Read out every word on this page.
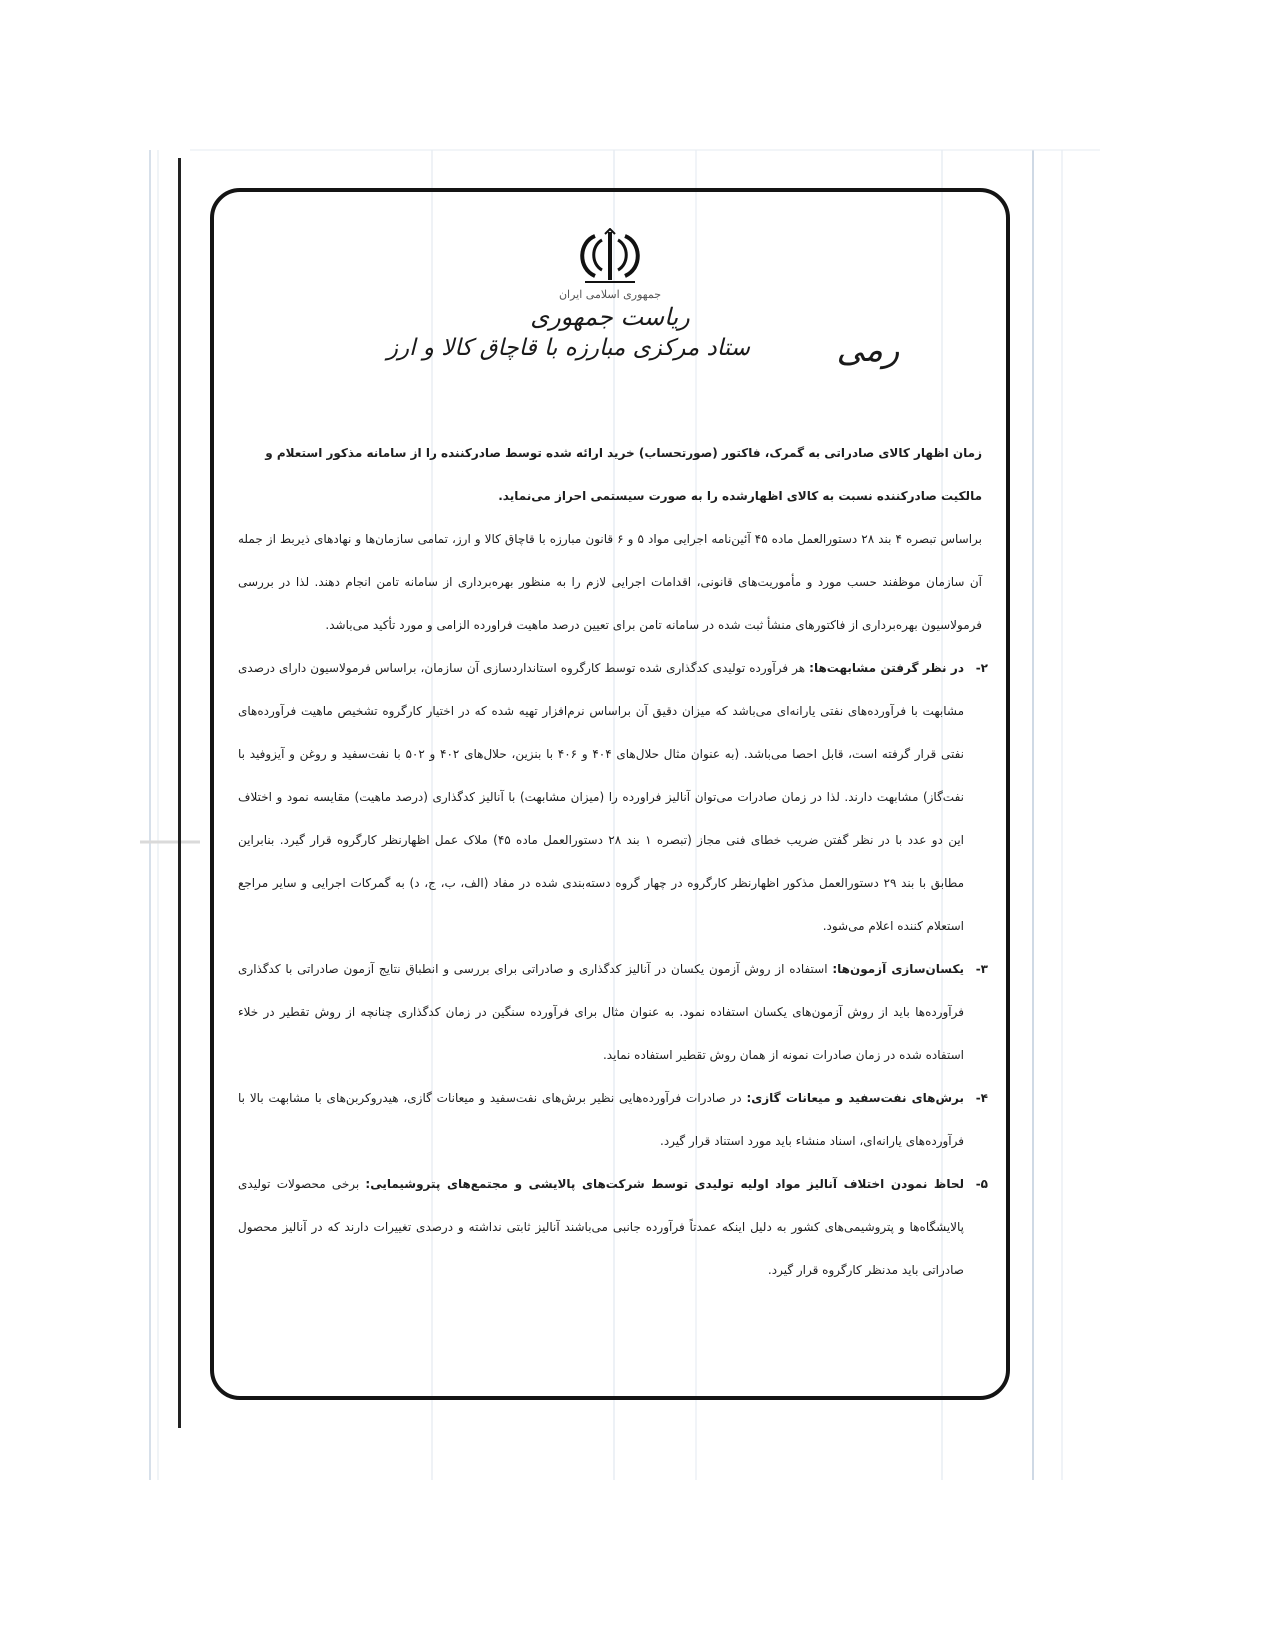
جمهوری اسلامی ایران
ریاست جمهوری
ستاد مرکزی مبارزه با قاچاق کالا و ارز	رمی

زمان اظهار کالای صادراتی به گمرک، فاکتور (صورتحساب) خرید ارائه شده توسط صادرکننده را از سامانه مذکور استعلام و

مالکیت صادرکننده نسبت به کالای اظهارشده را به صورت سیستمی احراز می‌نماید.

براساس تبصره ۴ بند ۲۸ دستورالعمل ماده ۴۵ آئین‌نامه اجرایی مواد ۵ و ۶ قانون مبارزه با قاچاق کالا و ارز، تمامی سازمان‌ها و نهادهای ذیربط از جمله آن سازمان موظفند حسب مورد و مأموریت‌های قانونی، اقدامات اجرایی لازم را به منظور بهره‌برداری از سامانه تامن انجام دهند. لذا در بررسی فرمولاسیون بهره‌برداری از فاکتورهای منشأ ثبت شده در سامانه تامن برای تعیین درصد ماهیت فراورده الزامی و مورد تأکید می‌باشد.

۲-
در نظر گرفتن مشابهت‌ها: هر فرآورده تولیدی کدگذاری شده توسط کارگروه استانداردسازی آن سازمان، براساس فرمولاسیون دارای درصدی مشابهت با فرآورده‌های نفتی یارانه‌ای می‌باشد که میزان دقیق آن براساس نرم‌افزار تهیه شده که در اختیار کارگروه تشخیص ماهیت فرآورده‌های نفتی قرار گرفته است، قابل احصا می‌باشد. (به عنوان مثال حلال‌های ۴۰۴ و ۴۰۶ با بنزین، حلال‌های ۴۰۲ و ۵۰۲ با نفت‌سفید و روغن و آیزوفید با نفت‌گاز) مشابهت دارند. لذا در زمان صادرات می‌توان آنالیز فراورده را (میزان مشابهت) با آنالیز کدگذاری (درصد ماهیت) مقایسه نمود و اختلاف این دو عدد با در نظر گفتن ضریب خطای فنی مجاز (تبصره ۱ بند ۲۸ دستورالعمل ماده ۴۵) ملاک عمل اظهارنظر کارگروه قرار گیرد. بنابراین مطابق با بند ۲۹ دستورالعمل مذکور اظهارنظر کارگروه در چهار گروه دسته‌بندی شده در مفاد (الف، ب، ج، د) به گمرکات اجرایی و سایر مراجع استعلام کننده اعلام می‌شود.

۳-
یکسان‌سازی آزمون‌ها: استفاده از روش آزمون یکسان در آنالیز کدگذاری و صادراتی برای بررسی و انطباق نتایج آزمون صادراتی با کدگذاری فرآورده‌ها باید از روش آزمون‌های یکسان استفاده نمود. به عنوان مثال برای فرآورده سنگین در زمان کدگذاری چنانچه از روش تقطیر در خلاء استفاده شده در زمان صادرات نمونه از همان روش تقطیر استفاده نماید.

۴-
برش‌های نفت‌سفید و میعانات گازی: در صادرات فرآورده‌هایی نظیر برش‌های نفت‌سفید و میعانات گازی، هیدروکربن‌های با مشابهت بالا با فرآورده‌های یارانه‌ای، اسناد منشاء باید مورد استناد قرار گیرد.

۵-
لحاظ نمودن اختلاف آنالیز مواد اولیه تولیدی توسط شرکت‌های پالایشی و مجتمع‌های پتروشیمایی: برخی محصولات تولیدی پالایشگاه‌ها و پتروشیمی‌های کشور به دلیل اینکه عمدتاً فرآورده جانبی می‌باشند آنالیز ثابتی نداشته و درصدی تغییرات دارند که در آنالیز محصول صادراتی باید مدنظر کارگروه قرار گیرد.
